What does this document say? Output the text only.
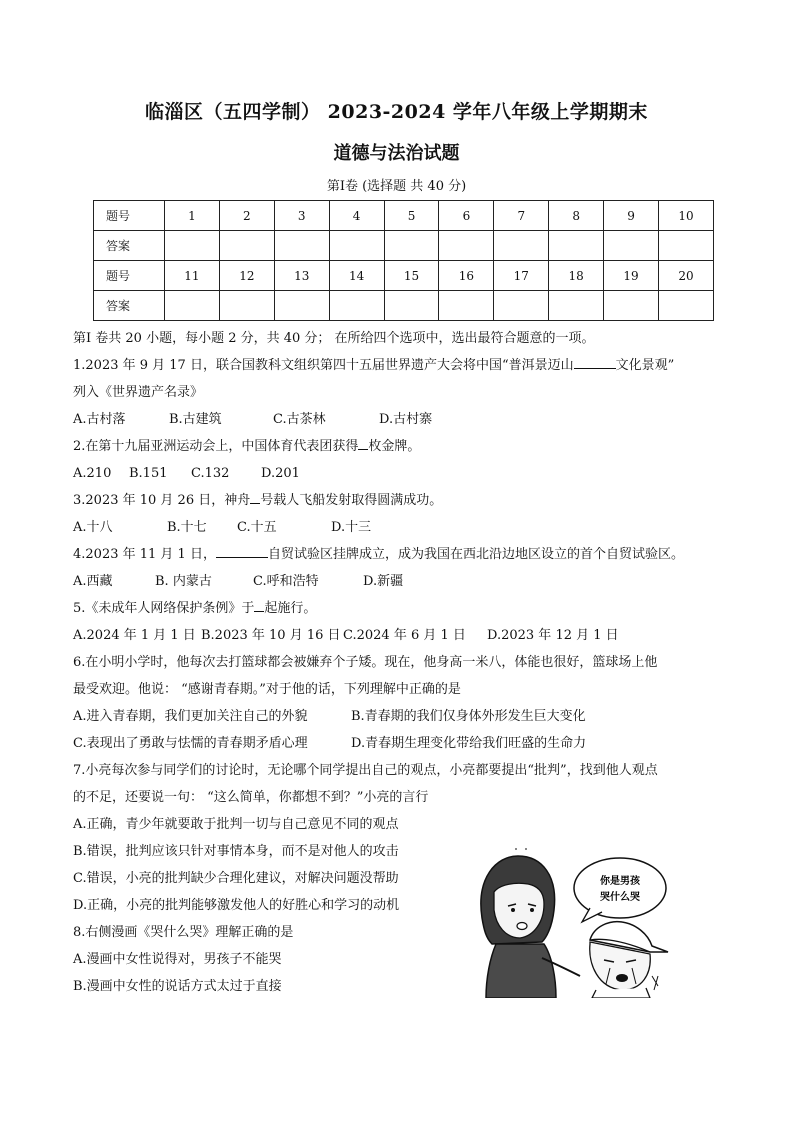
临淄区（五四学制） 2023-2024 学年八年级上学期期末
道德与法治试题
第Ⅰ卷 (选择题 共 40 分)
题号	1	2	3	4	5	6	7	8	9	10
答案										
题号	11	12	13	14	15	16	17	18	19	20
答案										
第Ⅰ 卷共 20 小题，每小题 2 分，共 40 分； 在所给四个选项中，选出最符合题意的一项。
1.2023 年 9 月 17 日，联合国教科文组织第四十五届世界遗产大会将中国“普洱景迈山	文化景观”
列入《世界遗产名录》
A.古村落	B.古建筑	C.古茶林	D.古村寨
2.在第十九届亚洲运动会上，中国体育代表团获得 枚金牌。
A.210 B.151 C.132 D.201
3.2023 年 10 月 26 日，神舟 号载人飞船发射取得圆满成功。
A.十八	B.十七 C.十五	D.十三
4.2023 年 11 月 1 日，	自贸试验区挂牌成立，成为我国在西北沿边地区设立的首个自贸试验区。
A.西藏	B. 内蒙古	C.呼和浩特	D.新疆
5.《未成年人网络保护条例》于 起施行。
A.2024 年 1 月 1 日 B.2023 年 10 月 16 日 C.2024 年 6 月 1 日 D.2023 年 12 月 1 日
6.在小明小学时，他每次去打篮球都会被嫌弃个子矮。现在，他身高一米八，体能也很好，篮球场上他
最受欢迎。他说： “感谢青春期。”对于他的话，下列理解中正确的是
A.进入青春期，我们更加关注自己的外貌	B.青春期的我们仅身体外形发生巨大变化
C.表现出了勇敢与怯懦的青春期矛盾心理	D.青春期生理变化带给我们旺盛的生命力
7.小亮每次参与同学们的讨论时，无论哪个同学提出自己的观点，小亮都要提出“批判”，找到他人观点
的不足，还要说一句： “这么简单，你都想不到？”小亮的言行
A.正确，青少年就要敢于批判一切与自己意见不同的观点
B.错误，批判应该只针对事情本身，而不是对他人的攻击
C.错误，小亮的批判缺少合理化建议，对解决问题没帮助
D.正确，小亮的批判能够激发他人的好胜心和学习的动机
8.右侧漫画《哭什么哭》理解正确的是
A.漫画中女性说得对，男孩子不能哭
B.漫画中女性的说话方式太过于直接
你是男孩
哭什么哭
